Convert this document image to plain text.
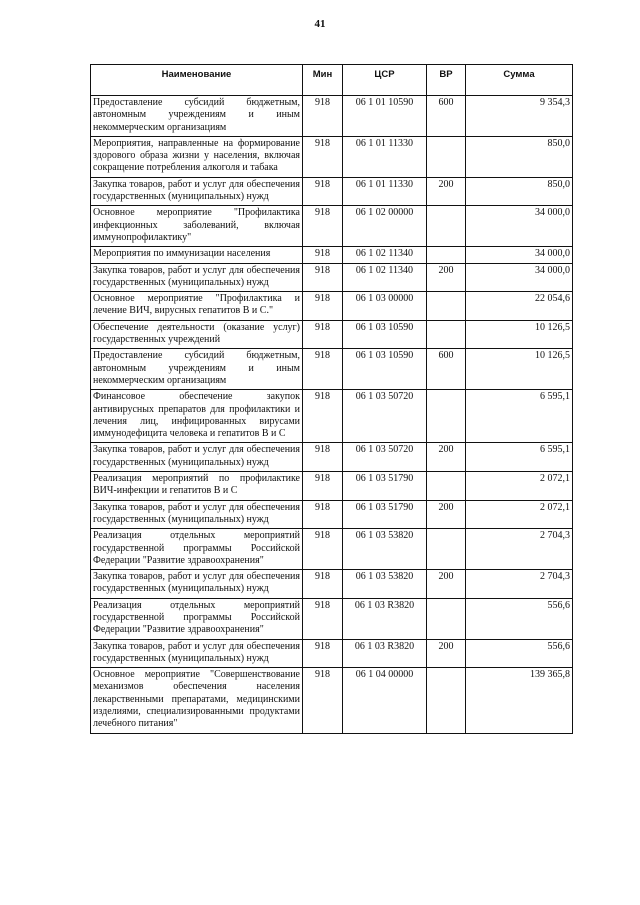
41
Наименование	Мин	ЦСР	ВР	Сумма
Предоставление субсидий бюджетным, автономным учреждениям и иным некоммерческим организациям	918	06 1 01 10590	600	9 354,3
Мероприятия, направленные на формирование здорового образа жизни у населения, включая сокращение потребления алкоголя и табака	918	06 1 01 11330		850,0
Закупка товаров, работ и услуг для обеспечения государственных (муниципальных) нужд	918	06 1 01 11330	200	850,0
Основное мероприятие "Профилактика инфекционных заболеваний, включая иммунопрофилактику"	918	06 1 02 00000		34 000,0
Мероприятия по иммунизации населения	918	06 1 02 11340		34 000,0
Закупка товаров, работ и услуг для обеспечения государственных (муниципальных) нужд	918	06 1 02 11340	200	34 000,0
Основное мероприятие "Профилактика и лечение ВИЧ, вирусных гепатитов В и С."	918	06 1 03 00000		22 054,6
Обеспечение деятельности (оказание услуг) государственных учреждений	918	06 1 03 10590		10 126,5
Предоставление субсидий бюджетным, автономным учреждениям и иным некоммерческим организациям	918	06 1 03 10590	600	10 126,5
Финансовое обеспечение закупок антивирусных препаратов для профилактики и лечения лиц, инфицированных вирусами иммунодефицита человека и гепатитов В и С	918	06 1 03 50720		6 595,1
Закупка товаров, работ и услуг для обеспечения государственных (муниципальных) нужд	918	06 1 03 50720	200	6 595,1
Реализация мероприятий по профилактике ВИЧ-инфекции и гепатитов В и С	918	06 1 03 51790		2 072,1
Закупка товаров, работ и услуг для обеспечения государственных (муниципальных) нужд	918	06 1 03 51790	200	2 072,1
Реализация отдельных мероприятий государственной программы Российской Федерации "Развитие здравоохранения"	918	06 1 03 53820		2 704,3
Закупка товаров, работ и услуг для обеспечения государственных (муниципальных) нужд	918	06 1 03 53820	200	2 704,3
Реализация отдельных мероприятий государственной программы Российской Федерации "Развитие здравоохранения"	918	06 1 03 R3820		556,6
Закупка товаров, работ и услуг для обеспечения государственных (муниципальных) нужд	918	06 1 03 R3820	200	556,6
Основное мероприятие "Совершенствование механизмов обеспечения населения лекарственными препаратами, медицинскими изделиями, специализированными продуктами лечебного питания"	918	06 1 04 00000		139 365,8
